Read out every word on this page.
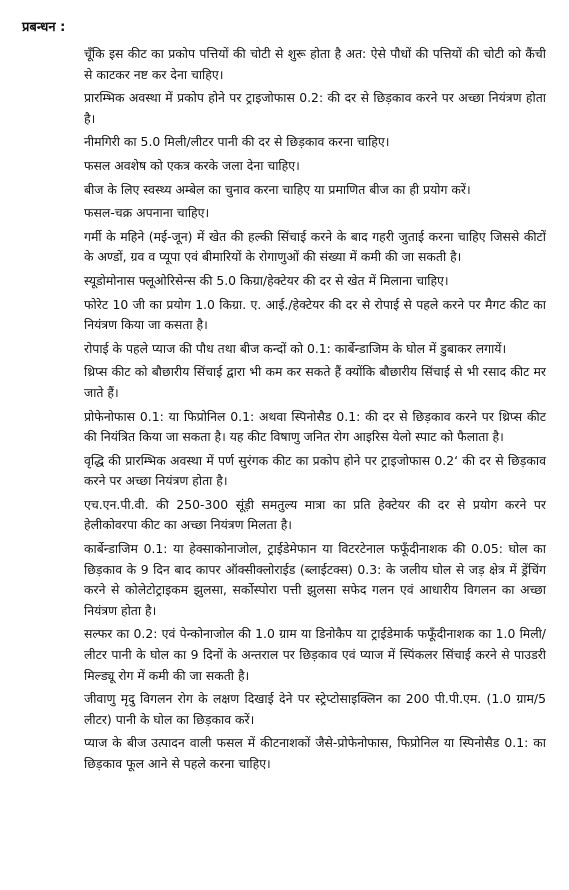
प्रबन्धन :

चूँकि इस कीट का प्रकोप पत्तियों की चोटी से शुरू होता है अत: ऐसे पौधों की पत्तियों की चोटी को कैंची से काटकर नष्ट कर देना चाहिए।

प्रारम्भिक अवस्था में प्रकोप होने पर ट्राइजोफास 0.2: की दर से छिड़काव करने पर अच्छा नियंत्रण होता है।

नीमगिरी का 5.0 मिली/लीटर पानी की दर से छिड़काव करना चाहिए।

फसल अवशेष को एकत्र करके जला देना चाहिए।

बीज के लिए स्वस्थ्य अम्बेल का चुनाव करना चाहिए या प्रमाणित बीज का ही प्रयोग करें।

फसल-चक्र अपनाना चाहिए।

गर्मी के महिने (मई-जून) में खेत की हल्की सिंचाई करने के बाद गहरी जुताई करना चाहिए जिससे कीटों के अण्डों, ग्रव व प्यूपा एवं बीमारियों के रोगाणुओं की संख्या में कमी की जा सकती है।

स्यूडोमोनास फ्लूओरिसेन्स की 5.0 किग्रा/हेक्टेयर की दर से खेत में मिलाना चाहिए।

फोरेट 10 जी का प्रयोग 1.0 किग्रा. ए. आई./हेक्टेयर की दर से रोपाई से पहले करने पर मैगट कीट का नियंत्रण किया जा कसता है।

रोपाई के पहले प्याज की पौध तथा बीज कन्दों को 0.1: कार्बेन्डाजिम के घोल में डुबाकर लगायें।

थ्रिप्स कीट को बौछारीय सिंचाई द्वारा भी कम कर सकते हैं क्योंकि बौछारीय सिंचाई से भी रसाद कीट मर जाते हैं।

प्रोफेनोफास 0.1: या फिप्रोनिल 0.1: अथवा स्पिनोसैड 0.1: की दर से छिड़काव करने पर थ्रिप्स कीट की नियंत्रित किया जा सकता है। यह कीट विषाणु जनित रोग आइरिस येलो स्पाट को फैलाता है।

वृद्धि की प्रारम्भिक अवस्था में पर्ण सुरंगक कीट का प्रकोप होने पर ट्राइजोफास 0.2‘ की दर से छिड़काव करने पर अच्छा नियंत्रण होता है।

एच.एन.पी.वी. की 250-300 सूंड़ी समतुल्य मात्रा का प्रति हेक्टेयर की दर से प्रयोग करने पर हेलीकोवरपा कीट का अच्छा नियंत्रण मिलता है।

कार्बेन्डाजिम 0.1: या हेक्साकोनाजोल, ट्राईडेमेफान या विटरटेनाल फफूँदीनाशक की 0.05: घोल का छिड़काव के 9 दिन बाद कापर ऑक्सीक्लोराईड (ब्लाईटक्स) 0.3: के जलीय घोल से जड़ क्षेत्र में ड्रेंचिंग करने से कोलेटोट्राइकम झुलसा, सर्कोस्पोरा पत्ती झुलसा सफेद गलन एवं आधारीय विगलन का अच्छा नियंत्रण होता है।

सल्फर का 0.2: एवं पेन्कोनाजोल की 1.0 ग्राम या डिनोकैप या ट्राईडेमार्क फफूँदीनाशक का 1.0 मिली/लीटर पानी के घोल का 9 दिनों के अन्तराल पर छिड़काव एवं प्याज में स्पिंकलर सिंचाई करने से पाउडरी मिल्ड्यू रोग में कमी की जा सकती है।

जीवाणु मृदु विगलन रोग के लक्षण दिखाई देने पर स्ट्रेप्टोसाइक्लिन का 200 पी.पी.एम. (1.0 ग्राम/5 लीटर) पानी के घोल का छिड़काव करें।

प्याज के बीज उत्पादन वाली फसल में कीटनाशकों जैसे-प्रोफेनोफास, फिप्रोनिल या स्पिनोसैड 0.1: का छिड़काव फूल आने से पहले करना चाहिए।
